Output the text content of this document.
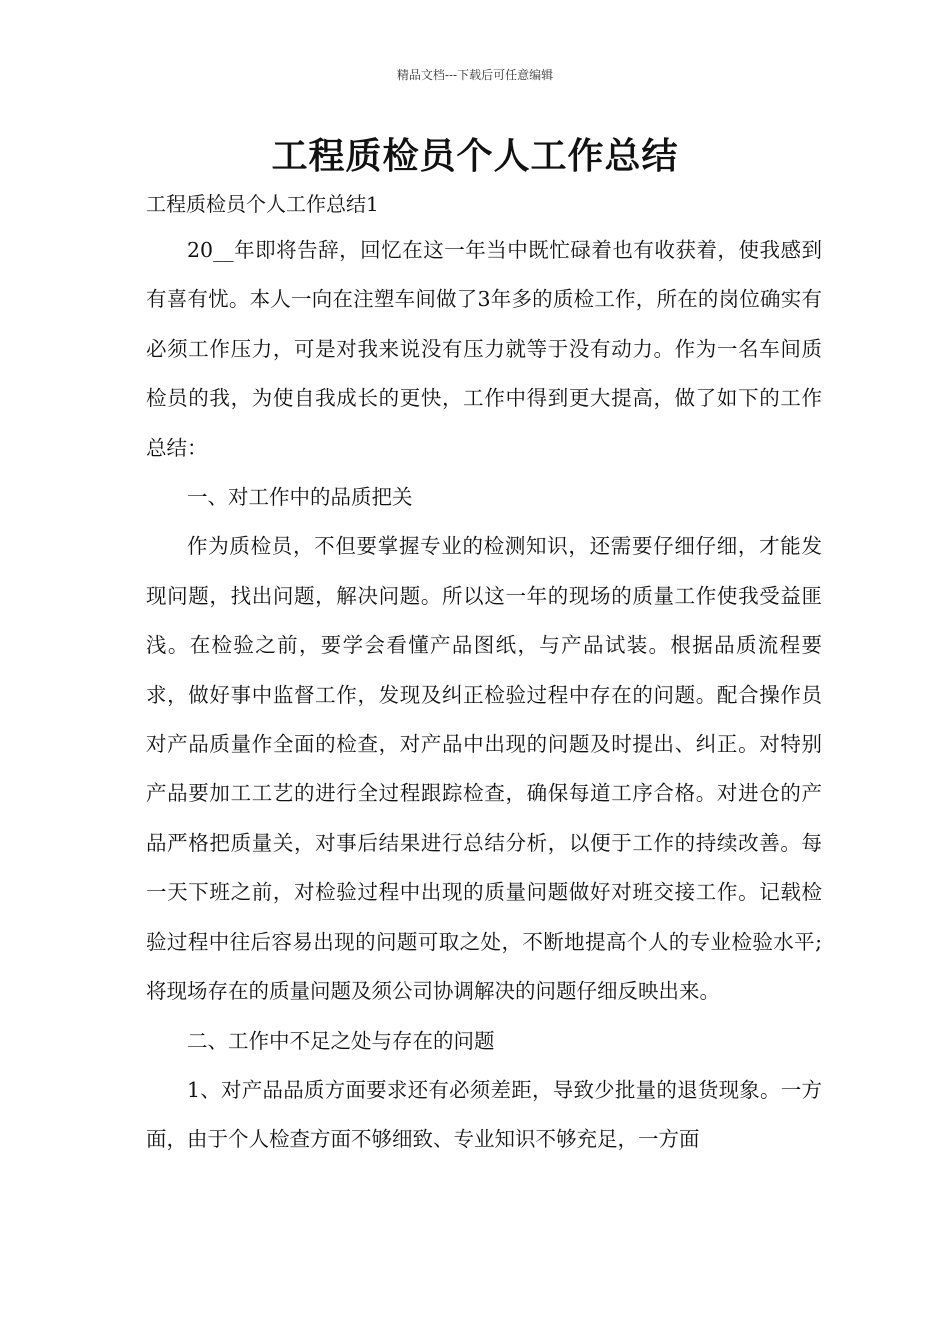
精品文档---下载后可任意编辑
工程质检员个人工作总结
工程质检员个人工作总结1

20__年即将告辞，回忆在这一年当中既忙碌着也有收获着，使我感到有喜有忧。本人一向在注塑车间做了3年多的质检工作，所在的岗位确实有必须工作压力，可是对我来说没有压力就等于没有动力。作为一名车间质检员的我，为使自我成长的更快，工作中得到更大提高，做了如下的工作总结：

一、对工作中的品质把关

作为质检员，不但要掌握专业的检测知识，还需要仔细仔细，才能发现问题，找出问题，解决问题。所以这一年的现场的质量工作使我受益匪浅。在检验之前，要学会看懂产品图纸，与产品试装。根据品质流程要求，做好事中监督工作，发现及纠正检验过程中存在的问题。配合操作员对产品质量作全面的检查，对产品中出现的问题及时提出、纠正。对特别产品要加工工艺的进行全过程跟踪检查，确保每道工序合格。对进仓的产品严格把质量关，对事后结果进行总结分析，以便于工作的持续改善。每一天下班之前，对检验过程中出现的质量问题做好对班交接工作。记载检验过程中往后容易出现的问题可取之处，不断地提高个人的专业检验水平;将现场存在的质量问题及须公司协调解决的问题仔细反映出来。

二、工作中不足之处与存在的问题

1、对产品品质方面要求还有必须差距，导致少批量的退货现象。一方面，由于个人检查方面不够细致、专业知识不够充足，一方面
